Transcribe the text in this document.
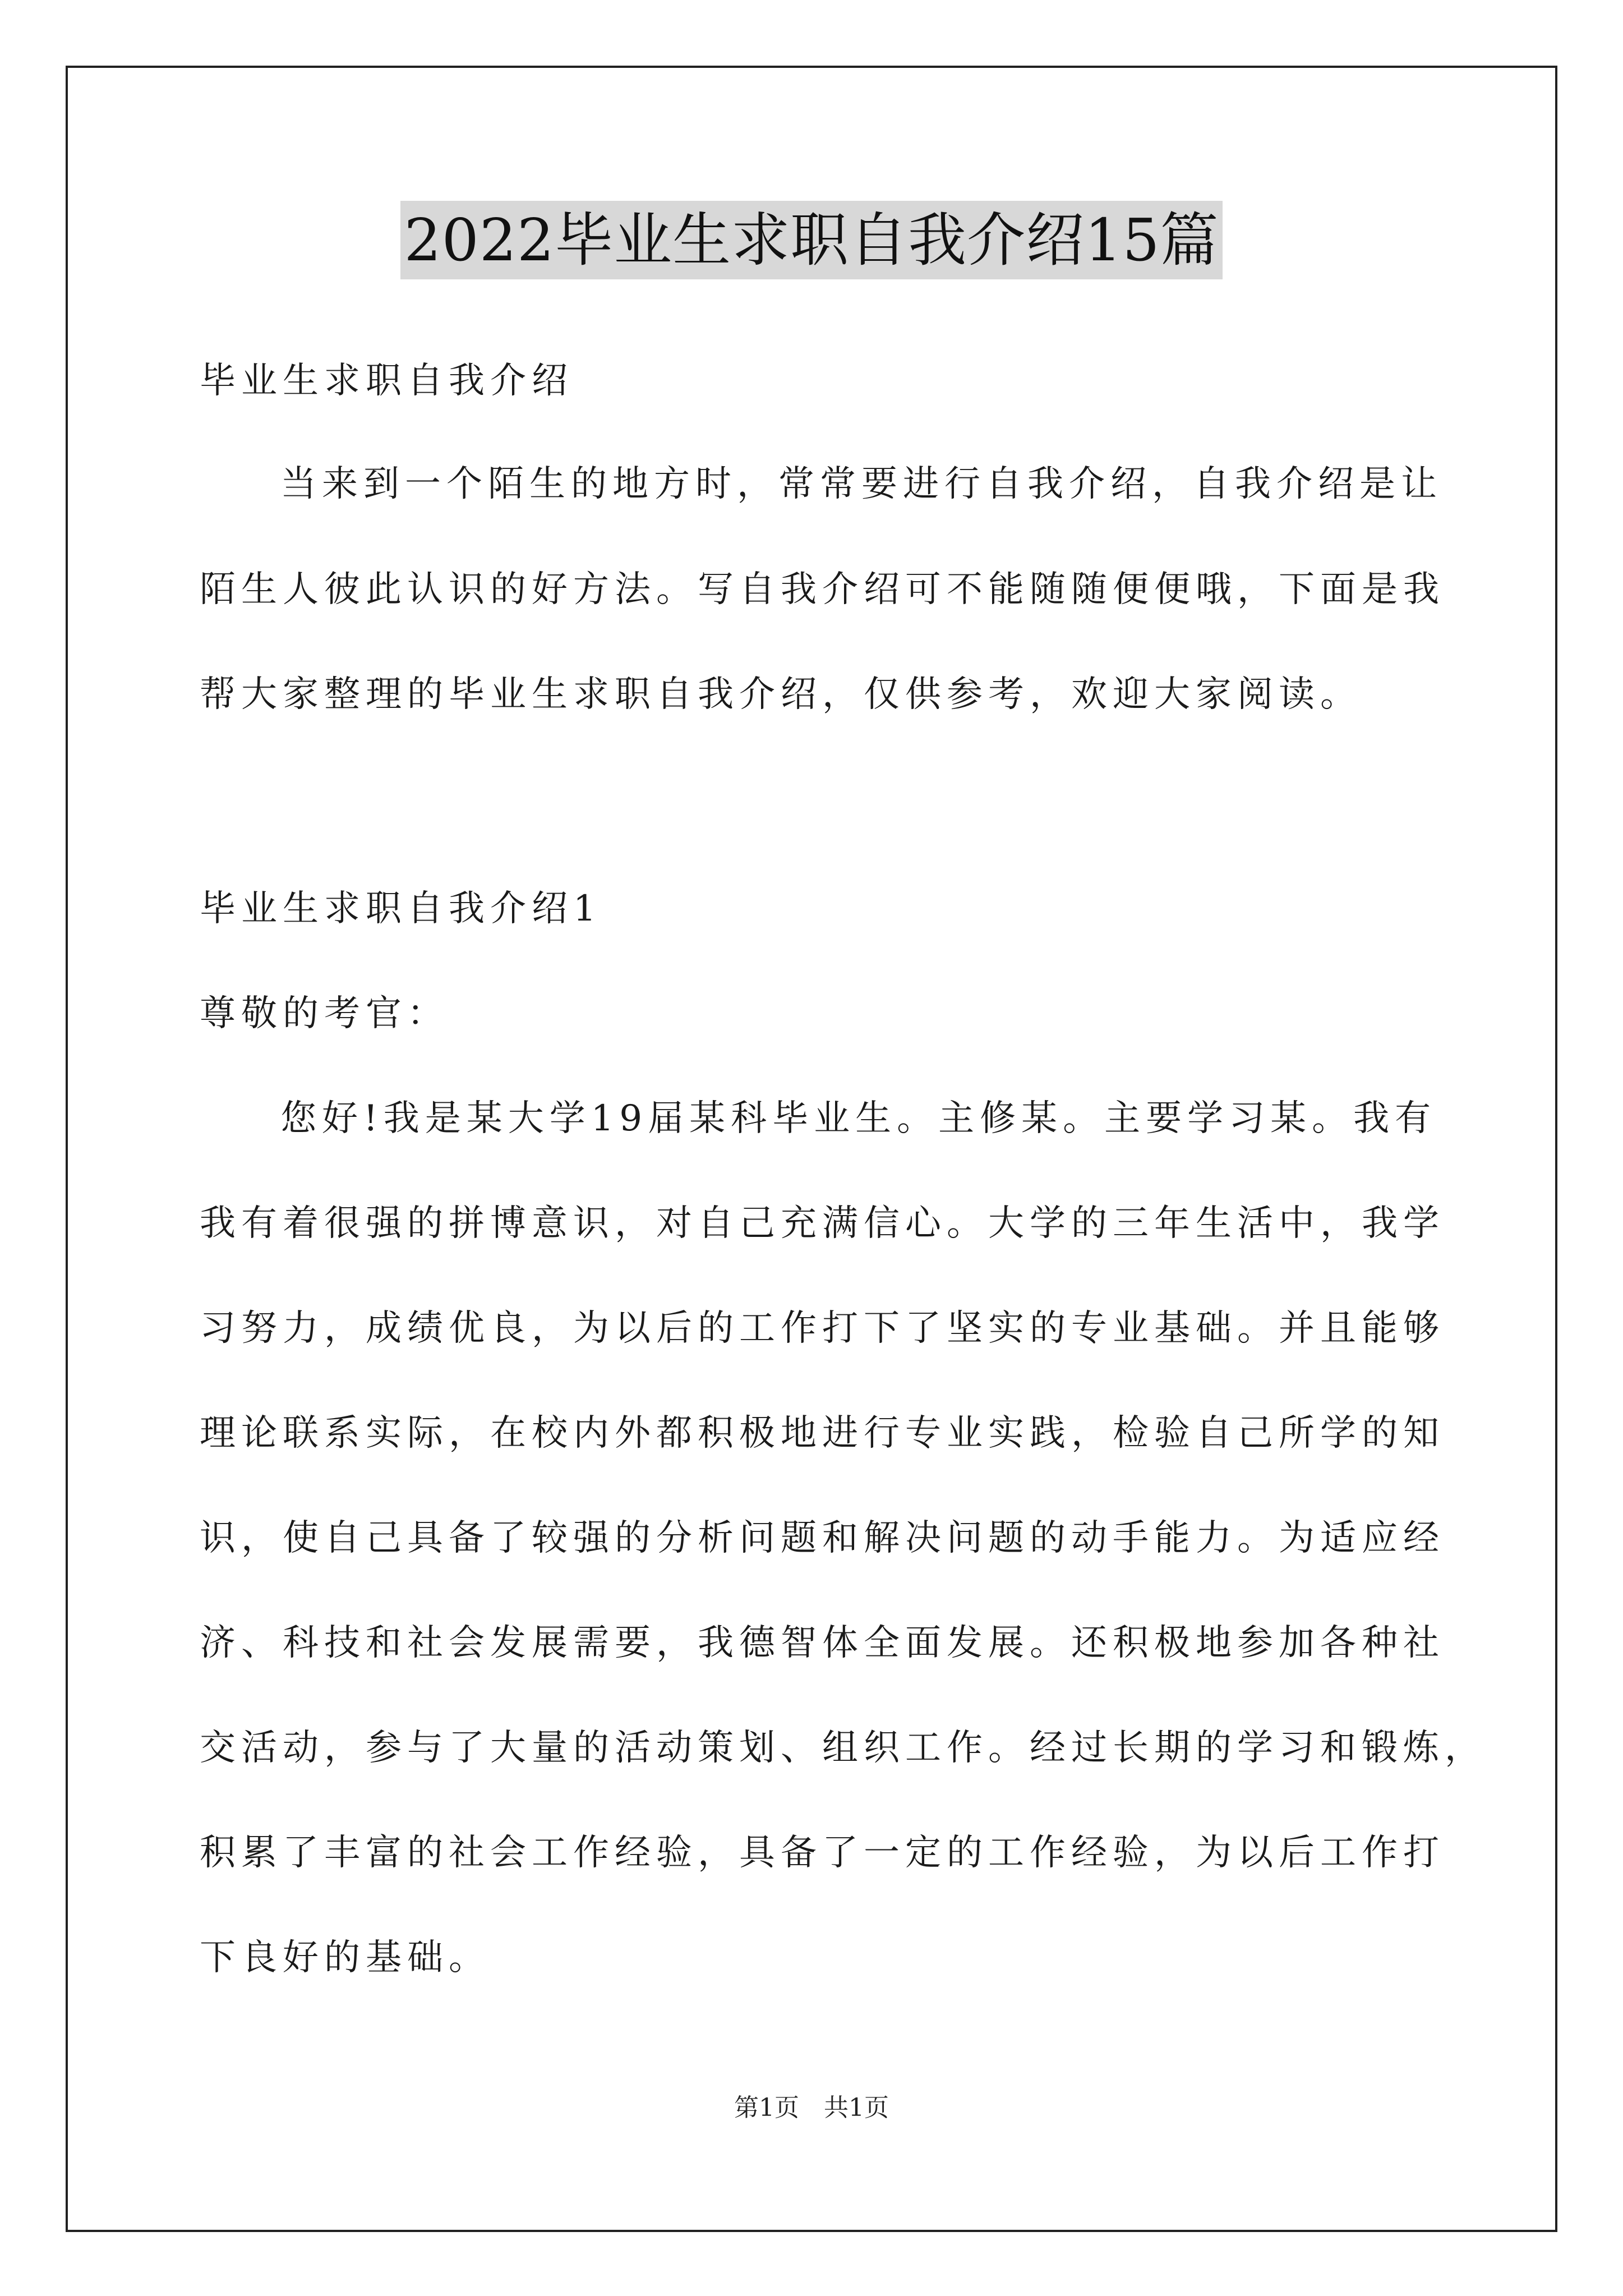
2022毕业生求职自我介绍15篇
毕业生求职自我介绍
当来到一个陌生的地方时，常常要进行自我介绍，自我介绍是让
陌生人彼此认识的好方法。写自我介绍可不能随随便便哦，下面是我
帮大家整理的毕业生求职自我介绍，仅供参考，欢迎大家阅读。
毕业生求职自我介绍1
尊敬的考官：
您好!我是某大学19届某科毕业生。主修某。主要学习某。我有
我有着很强的拼博意识，对自己充满信心。大学的三年生活中，我学
习努力，成绩优良，为以后的工作打下了坚实的专业基础。并且能够
理论联系实际，在校内外都积极地进行专业实践，检验自己所学的知
识，使自己具备了较强的分析问题和解决问题的动手能力。为适应经
济、科技和社会发展需要，我德智体全面发展。还积极地参加各种社
交活动，参与了大量的活动策划、组织工作。经过长期的学习和锻炼，
积累了丰富的社会工作经验，具备了一定的工作经验，为以后工作打
下良好的基础。
第1页 共1页
